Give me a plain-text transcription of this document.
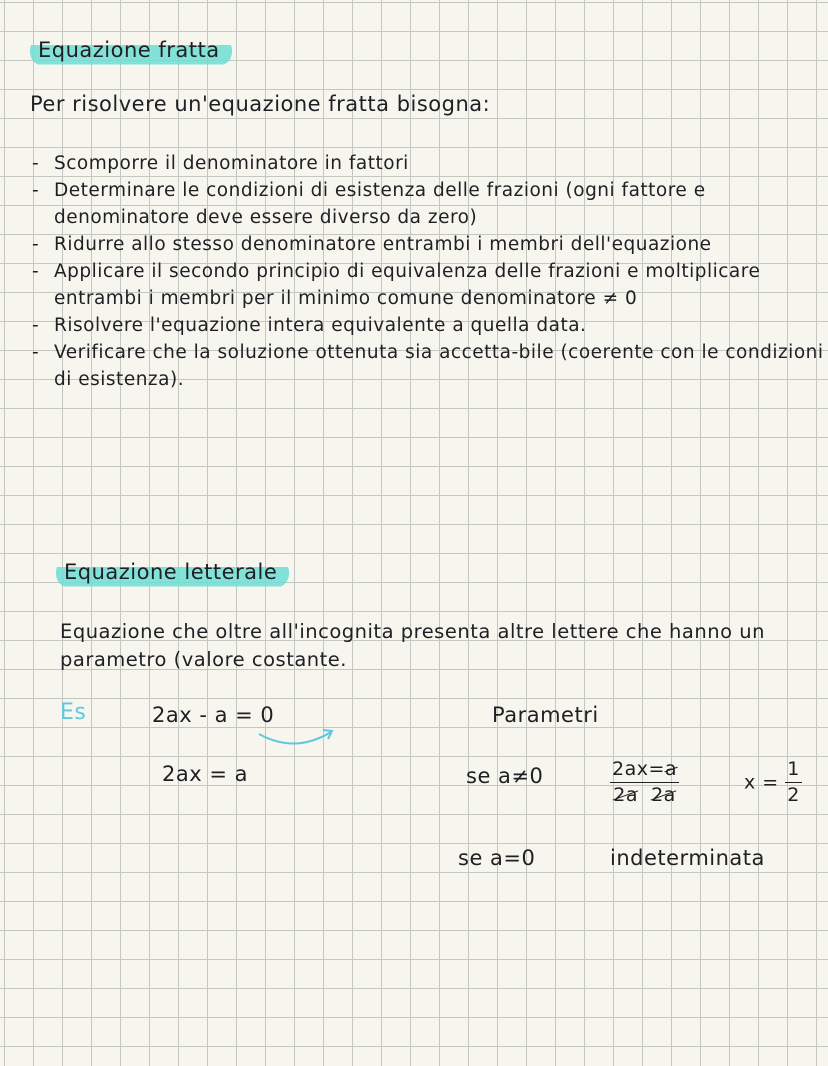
Equazione fratta
Per risolvere un'equazione fratta bisogna:
- Scomporre il denominatore in fattori
- Determinare le condizioni di esistenza delle frazioni (ogni fattore e denominatore deve essere diverso da zero)
- Ridurre allo stesso denominatore entrambi i membri dell'equazione
- Applicare il secondo principio di equivalenza delle frazioni e moltiplicare entrambi i membri per il minimo comune denominatore ≠ 0
- Risolvere l'equazione intera equivalente a quella data.
- Verificare che la soluzione ottenuta sia accetta-bile (coerente con le condizioni di esistenza).
Equazione letterale
Equazione che oltre all'incognita presenta altre lettere che hanno un parametro (valore costante.
Es	2ax - a = 0
2ax = a
Parametri
se a≠0	$\frac{2ax=a}{2a 2a}$	$x = \frac{1}{2}$
se a=0	indeterminata
